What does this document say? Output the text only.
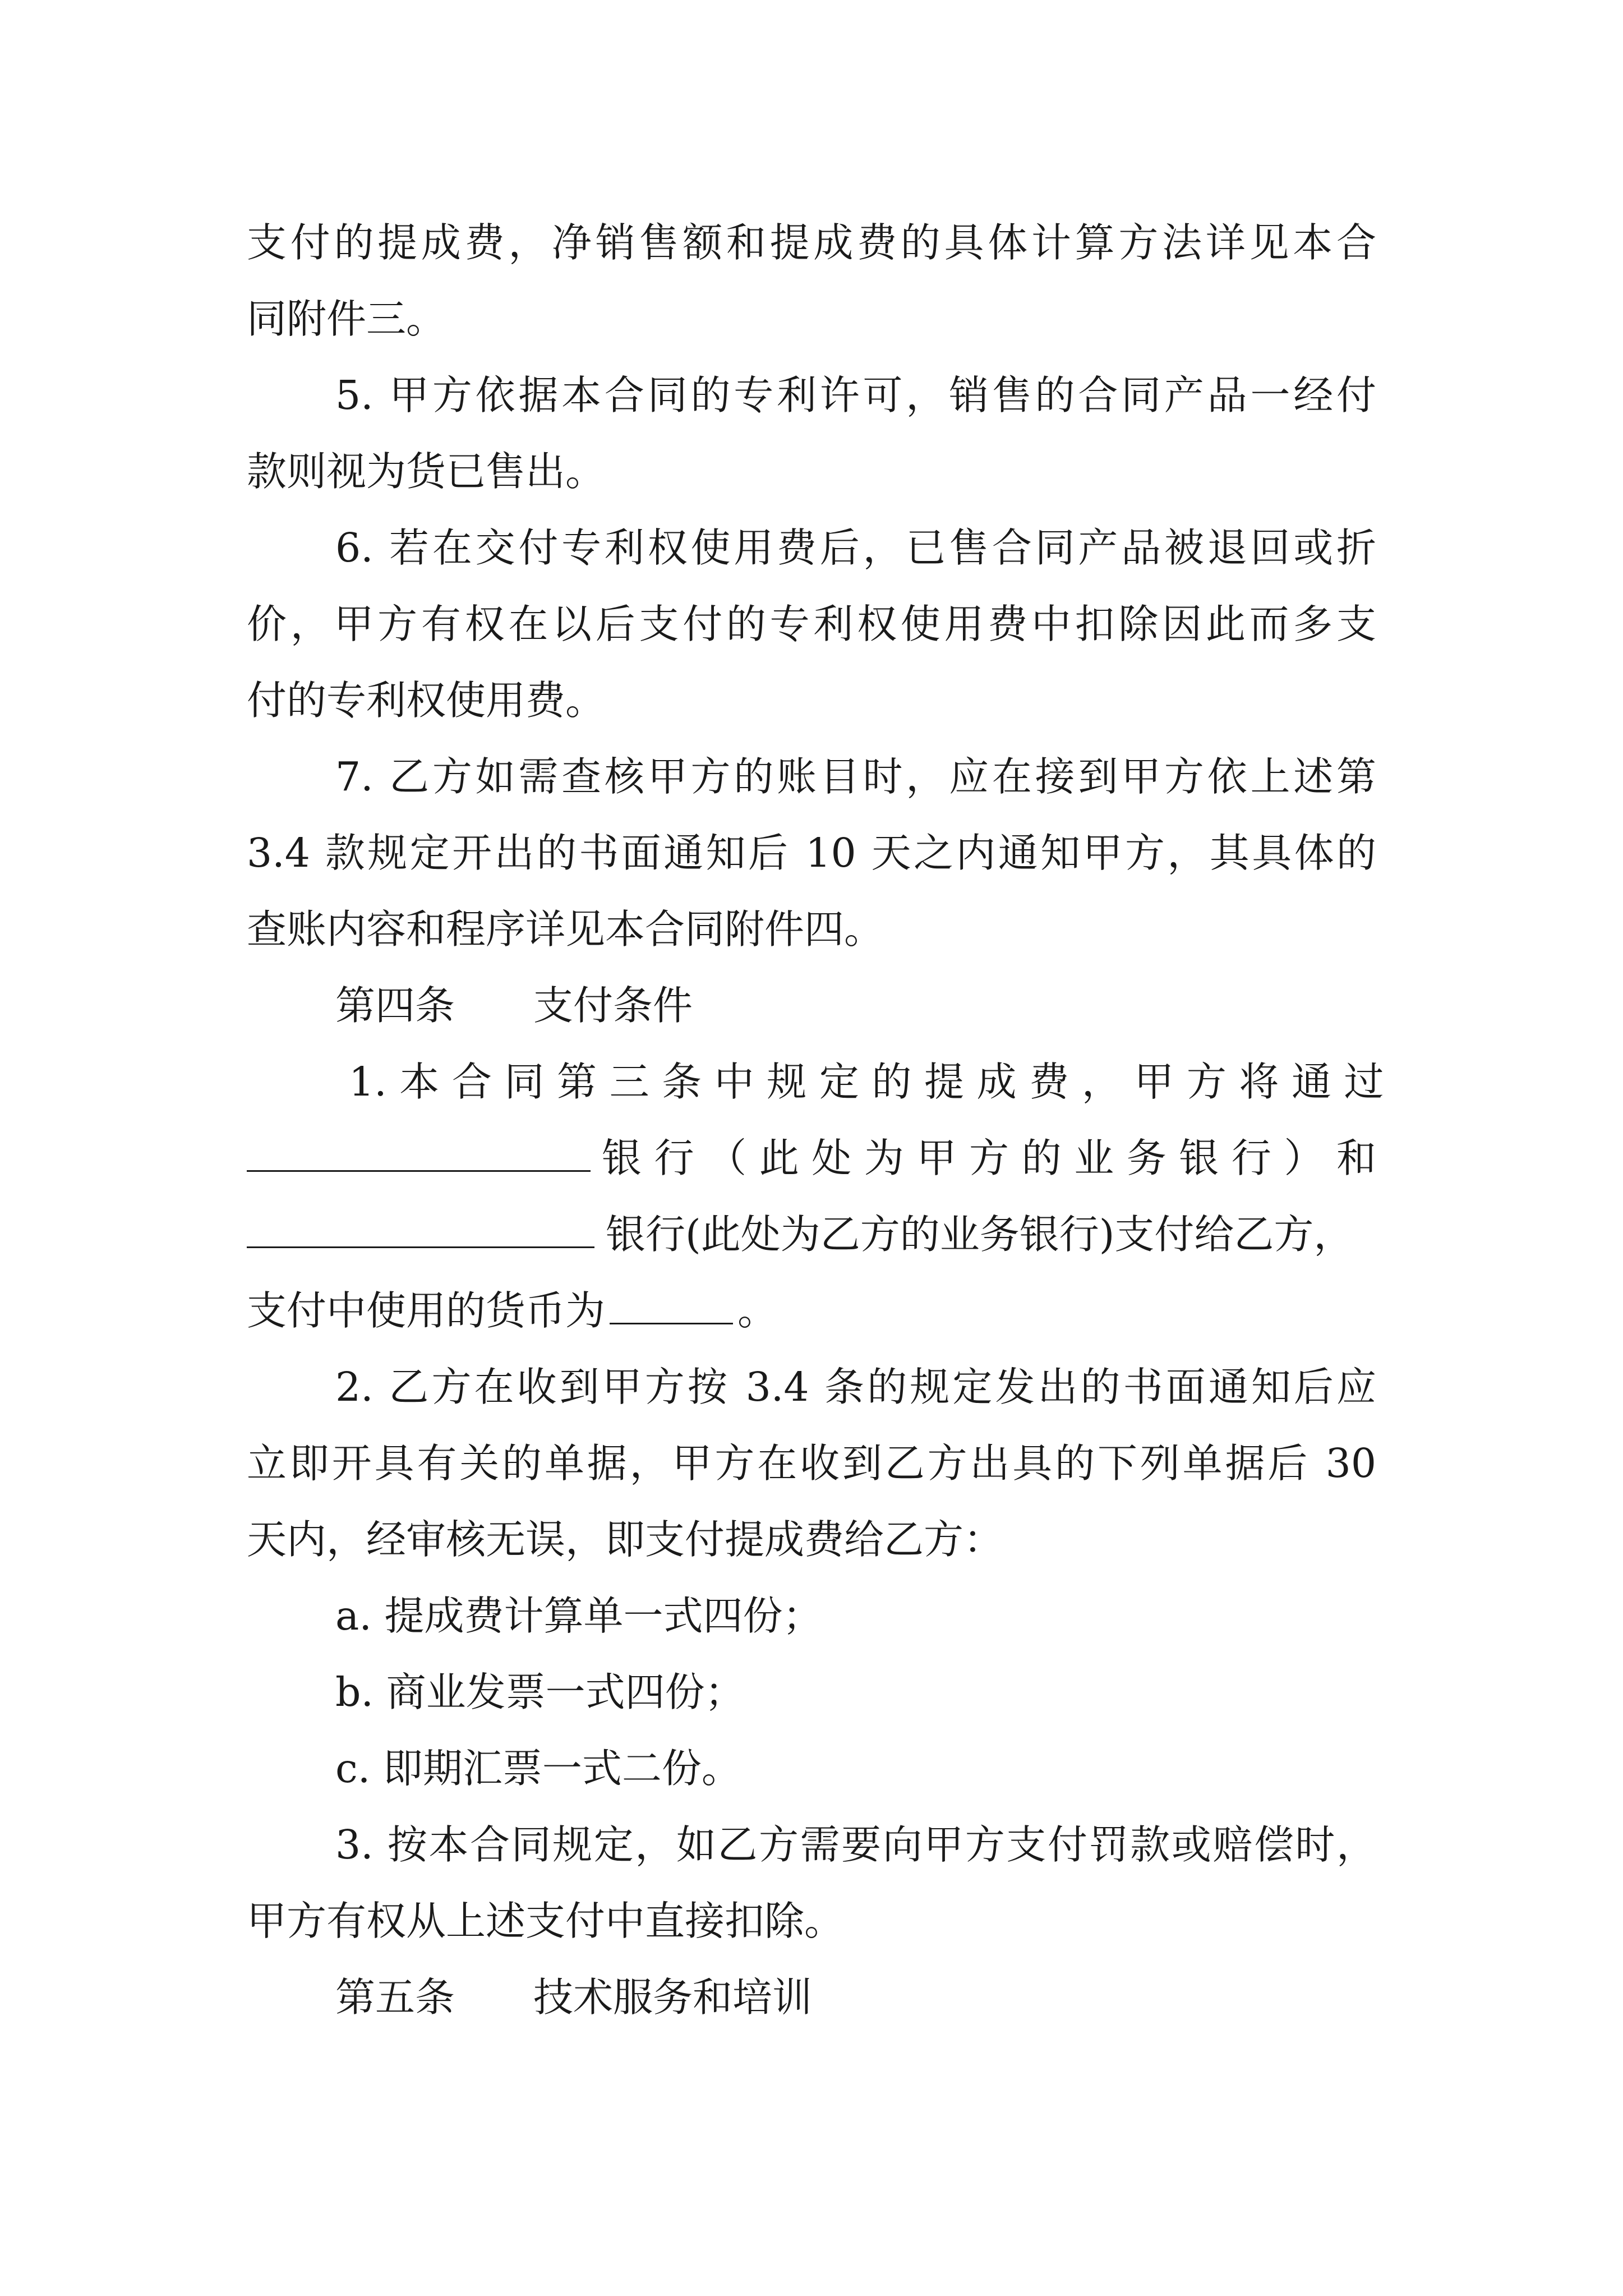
支付的提成费，净销售额和提成费的具体计算方法详见本合

同附件三。

5. 甲方依据本合同的专利许可，销售的合同产品一经付

款则视为货已售出。

6. 若在交付专利权使用费后，已售合同产品被退回或折

价，甲方有权在以后支付的专利权使用费中扣除因此而多支

付的专利权使用费。

7. 乙方如需查核甲方的账目时，应在接到甲方依上述第

3.4 款规定开出的书面通知后 10 天之内通知甲方，其具体的

查账内容和程序详见本合同附件四。

第四条 支付条件

1. 本 合 同 第 三 条 中 规 定 的 提 成 费 ， 甲 方 将 通 过

银 行 （ 此 处 为 甲 方 的 业 务 银 行 ） 和

银行(此处为乙方的业务银行)支付给乙方，

支付中使用的货币为	。

2. 乙方在收到甲方按 3.4 条的规定发出的书面通知后应

立即开具有关的单据，甲方在收到乙方出具的下列单据后 30

天内，经审核无误，即支付提成费给乙方：

a. 提成费计算单一式四份；

b. 商业发票一式四份；

c. 即期汇票一式二份。

3. 按本合同规定，如乙方需要向甲方支付罚款或赔偿时，

甲方有权从上述支付中直接扣除。

第五条 技术服务和培训
